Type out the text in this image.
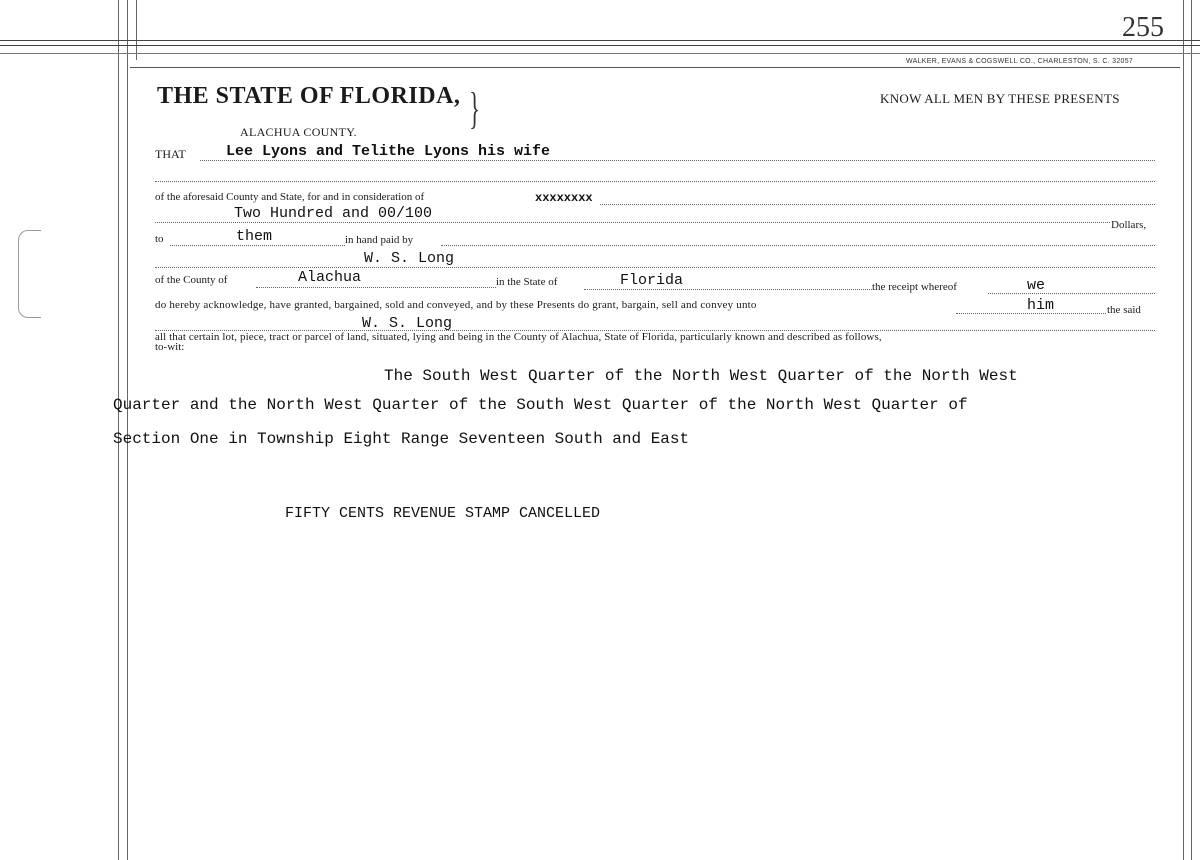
255
WALKER, EVANS & COGSWELL CO., CHARLESTON, S. C. 32057
THE STATE OF FLORIDA, }	KNOW ALL MEN BY THESE PRESENTS
ALACHUA COUNTY.
THAT	Lee Lyons and Telithe Lyons his wife
of the aforesaid County and State, for and in consideration of	xxxxxxxx
Two Hundred and 00/100
Dollars,
to	them	in hand paid by
W. S. Long
of the County of	Alachua	in the State of	Florida	the receipt whereof	we
do hereby acknowledge, have granted, bargained, sold and conveyed, and by these Presents do grant, bargain, sell and convey unto	him	the said
W. S. Long
all that certain lot, piece, tract or parcel of land, situated, lying and being in the County of Alachua, State of Florida, particularly known and described as follows,
to-wit:
The South West Quarter of the North West Quarter of the North West
Quarter and the North West Quarter of the South West Quarter of the North West Quarter of
Section One in Township Eight Range Seventeen South and East
FIFTY CENTS REVENUE STAMP CANCELLED
